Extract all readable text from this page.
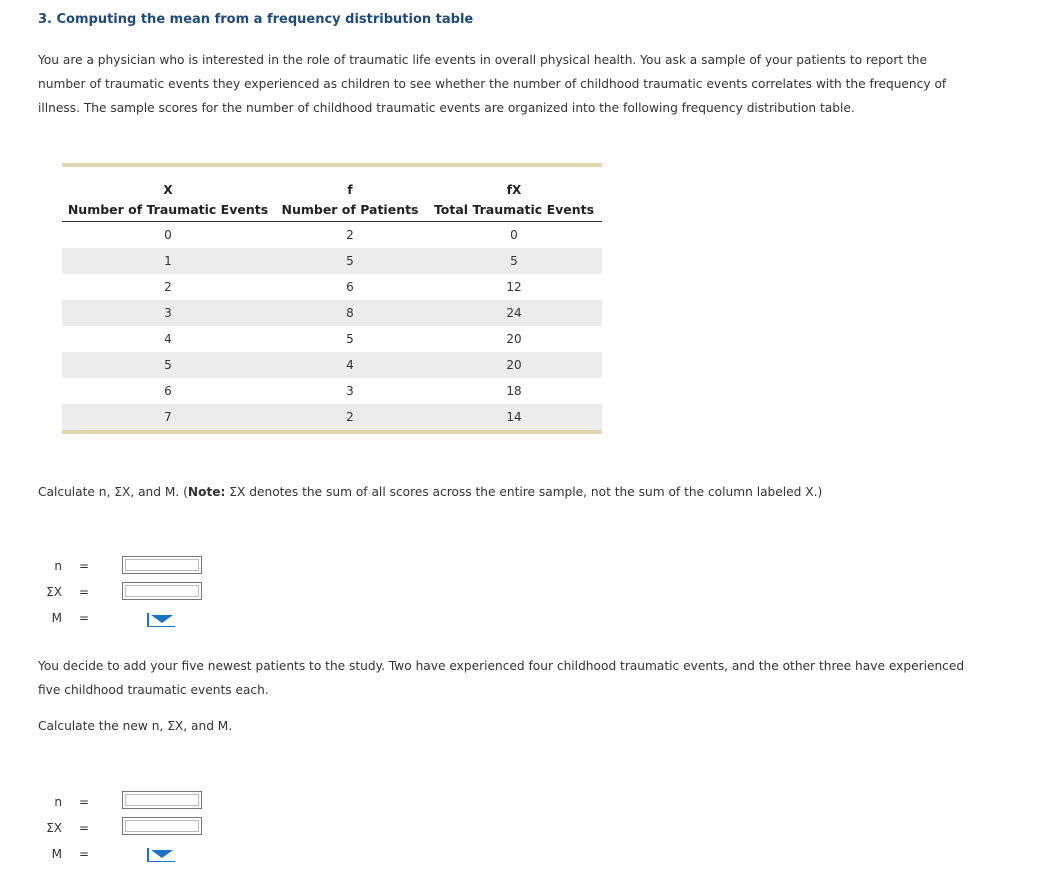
3. Computing the mean from a frequency distribution table

You are a physician who is interested in the role of traumatic life events in overall physical health. You ask a sample of your patients to report the

number of traumatic events they experienced as children to see whether the number of childhood traumatic events correlates with the frequency of

illness. The sample scores for the number of childhood traumatic events are organized into the following frequency distribution table.

X	f	fX
Number of Traumatic Events	Number of Patients	Total Traumatic Events
0	2	0
1	5	5
2	6	12
3	8	24
4	5	20
5	4	20
6	3	18
7	2	14
Calculate n, ΣX, and M. (Note: ΣX denotes the sum of all scores across the entire sample, not the sum of the column labeled X.)
n =
ΣX =
M =

You decide to add your five newest patients to the study. Two have experienced four childhood traumatic events, and the other three have experienced

five childhood traumatic events each.

Calculate the new n, ΣX, and M.
n =
ΣX =
M =
